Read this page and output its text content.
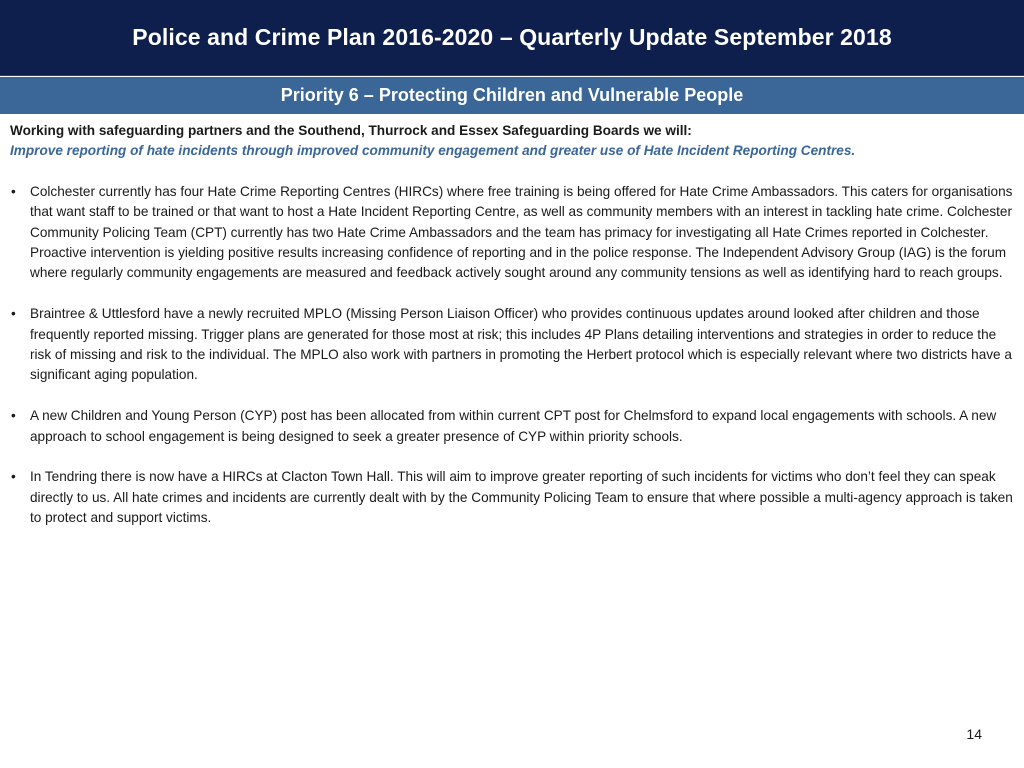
Police and Crime Plan 2016-2020 – Quarterly Update September 2018
Priority 6 – Protecting Children and Vulnerable People

Working with safeguarding partners and the Southend, Thurrock and Essex Safeguarding Boards we will:

Improve reporting of hate incidents through improved community engagement and greater use of Hate Incident Reporting Centres.

• Colchester currently has four Hate Crime Reporting Centres (HIRCs) where free training is being offered for Hate Crime Ambassadors. This caters for organisations that want staff to be trained or that want to host a Hate Incident Reporting Centre, as well as community members with an interest in tackling hate crime. Colchester Community Policing Team (CPT) currently has two Hate Crime Ambassadors and the team has primacy for investigating all Hate Crimes reported in Colchester. Proactive intervention is yielding positive results increasing confidence of reporting and in the police response. The Independent Advisory Group (IAG) is the forum where regularly community engagements are measured and feedback actively sought around any community tensions as well as identifying hard to reach groups.
• Braintree & Uttlesford have a newly recruited MPLO (Missing Person Liaison Officer) who provides continuous updates around looked after children and those frequently reported missing. Trigger plans are generated for those most at risk; this includes 4P Plans detailing interventions and strategies in order to reduce the risk of missing and risk to the individual. The MPLO also work with partners in promoting the Herbert protocol which is especially relevant where two districts have a significant aging population.
• A new Children and Young Person (CYP) post has been allocated from within current CPT post for Chelmsford to expand local engagements with schools. A new approach to school engagement is being designed to seek a greater presence of CYP within priority schools.
• In Tendring there is now have a HIRCs at Clacton Town Hall. This will aim to improve greater reporting of such incidents for victims who don’t feel they can speak directly to us. All hate crimes and incidents are currently dealt with by the Community Policing Team to ensure that where possible a multi-agency approach is taken to protect and support victims.
14
